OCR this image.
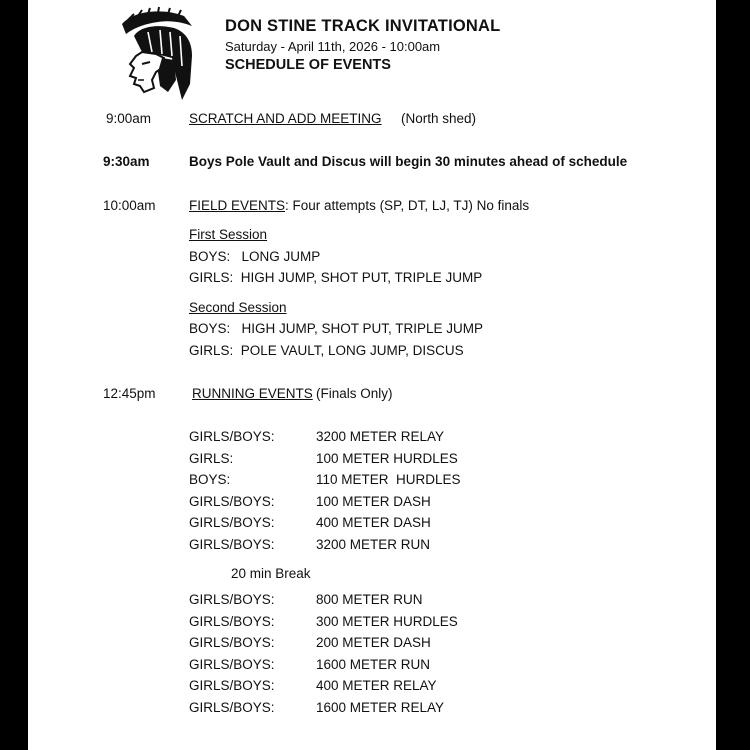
DON STINE TRACK INVITATIONAL
Saturday - April 11th, 2026 - 10:00am
SCHEDULE OF EVENTS
9:00am	SCRATCH AND ADD MEETING (North shed)
9:30am	Boys Pole Vault and Discus will begin 30 minutes ahead of schedule
10:00am FIELD EVENTS: Four attempts (SP, DT, LJ, TJ) No finals
First Session
BOYS:   LONG JUMP
GIRLS:  HIGH JUMP, SHOT PUT, TRIPLE JUMP
Second Session
BOYS:   HIGH JUMP, SHOT PUT, TRIPLE JUMP
GIRLS:  POLE VAULT, LONG JUMP, DISCUS
12:45pm	RUNNING EVENTS (Finals Only)
GIRLS/BOYS:	3200 METER RELAY
GIRLS:	100 METER HURDLES
BOYS:	110 METER  HURDLES
GIRLS/BOYS:	100 METER DASH
GIRLS/BOYS:	400 METER DASH
GIRLS/BOYS:	3200 METER RUN
20 min Break
GIRLS/BOYS:	800 METER RUN
GIRLS/BOYS:	300 METER HURDLES
GIRLS/BOYS:	200 METER DASH
GIRLS/BOYS:	1600 METER RUN
GIRLS/BOYS:	400 METER RELAY
GIRLS/BOYS:	1600 METER RELAY
